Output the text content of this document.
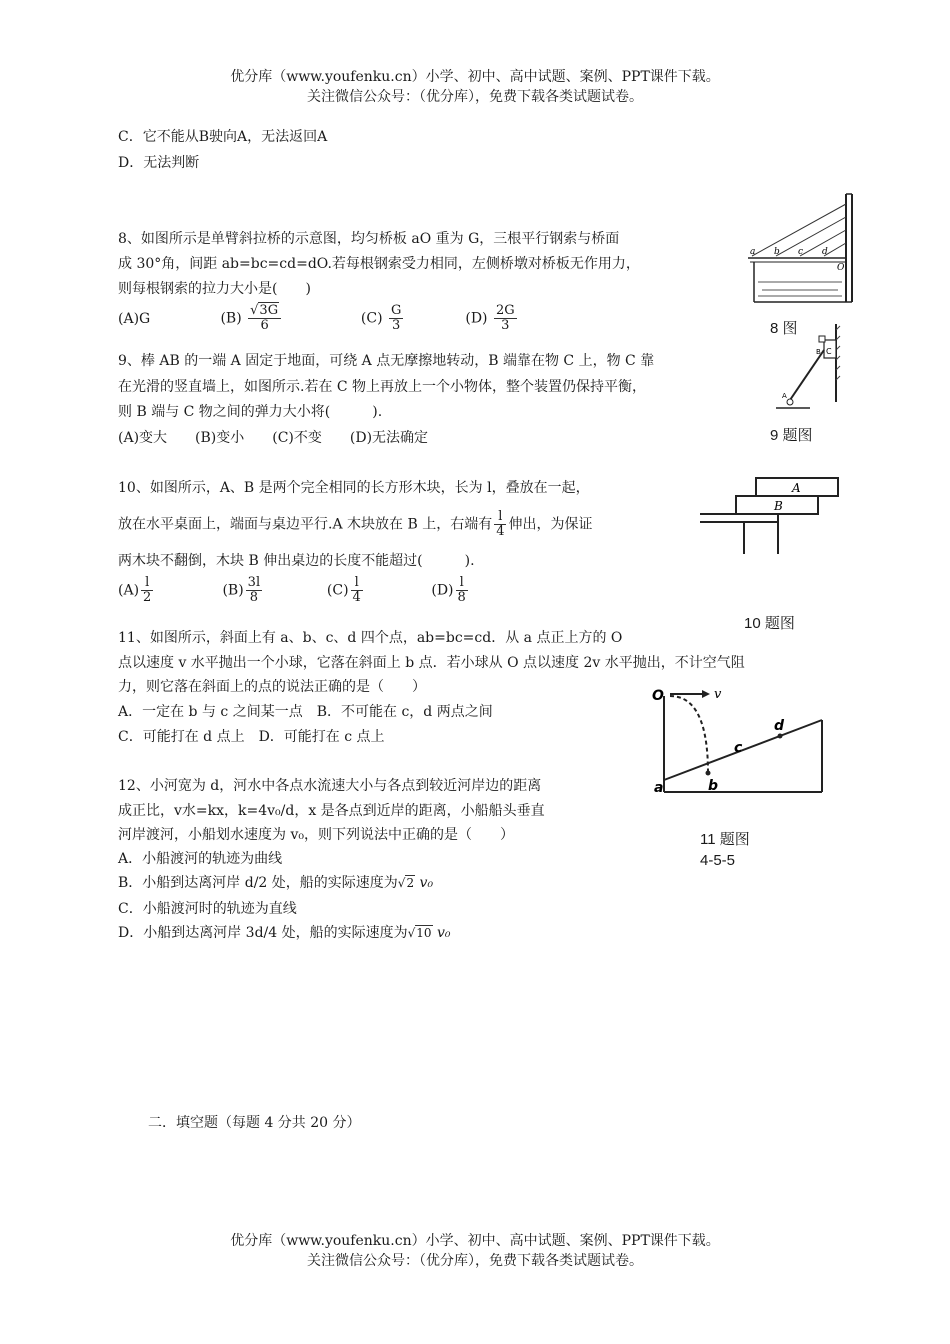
优分库（www.youfenku.cn）小学、初中、高中试题、案例、PPT课件下载。
关注微信公众号：（优分库），免费下载各类试题试卷。
C．它不能从B驶向A，无法返回A
D．无法判断
8、如图所示是单臂斜拉桥的示意图，均匀桥板 aO 重为 G，三根平行钢索与桥面
成 30°角，间距 ab=bc=cd=dO.若每根钢索受力相同，左侧桥墩对桥板无作用力，
则每根钢索的拉力大小是(　　)
(A)G	$(B) \frac{√3G}{6}$	$(C) \frac{G}{3}$	$(D) \frac{2G}{3}$
a b c d
O
8 图
9、棒 AB 的一端 A 固定于地面，可绕 A 点无摩擦地转动，B 端靠在物 C 上，物 C 靠
在光滑的竖直墙上，如图所示.若在 C 物上再放上一个小物体，整个装置仍保持平衡，
则 B 端与 C 物之间的弹力大小将(　　　).
(A)变大　　(B)变小　　(C)不变　　(D)无法确定
C
B
A
9 题图
10、如图所示，A、B 是两个完全相同的长方形木块，长为 l，叠放在一起，
放在水平桌面上，端面与桌边平行.A 木块放在 B 上，右端有 $\frac{l}{4}$ 伸出，为保证
两木块不翻倒，木块 B 伸出桌边的长度不能超过(　　　).
$(A) \frac{l}{2}$	$(B) \frac{3l}{8}$	$(C) \frac{l}{4}$	$(D) \frac{l}{8}$
A
B
10 题图
11、如图所示，斜面上有 a、b、c、d 四个点，ab=bc=cd．从 a 点正上方的 O
点以速度 v 水平抛出一个小球，它落在斜面上 b 点．若小球从 O 点以速度 2v 水平抛出，不计空气阻
力，则它落在斜面上的点的说法正确的是（　　）
A．一定在 b 与 c 之间某一点　B．不可能在 c，d 两点之间
C．可能打在 d 点上　D．可能打在 c 点上
O	v
a	b
c
d
11 题图
4-5-5
12、小河宽为 d，河水中各点水流速大小与各点到较近河岸边的距离
成正比，v水=kx，k=4v₀/d，x 是各点到近岸的距离，小船船头垂直
河岸渡河，小船划水速度为 v₀，则下列说法中正确的是（　　）
A．小船渡河的轨迹为曲线
B．小船到达离河岸 d/2 处，船的实际速度为√2 v₀
C．小船渡河时的轨迹为直线
D．小船到达离河岸 3d/4 处，船的实际速度为√10 v₀
二．填空题（每题 4 分共 20 分）
优分库（www.youfenku.cn）小学、初中、高中试题、案例、PPT课件下载。
关注微信公众号：（优分库），免费下载各类试题试卷。
